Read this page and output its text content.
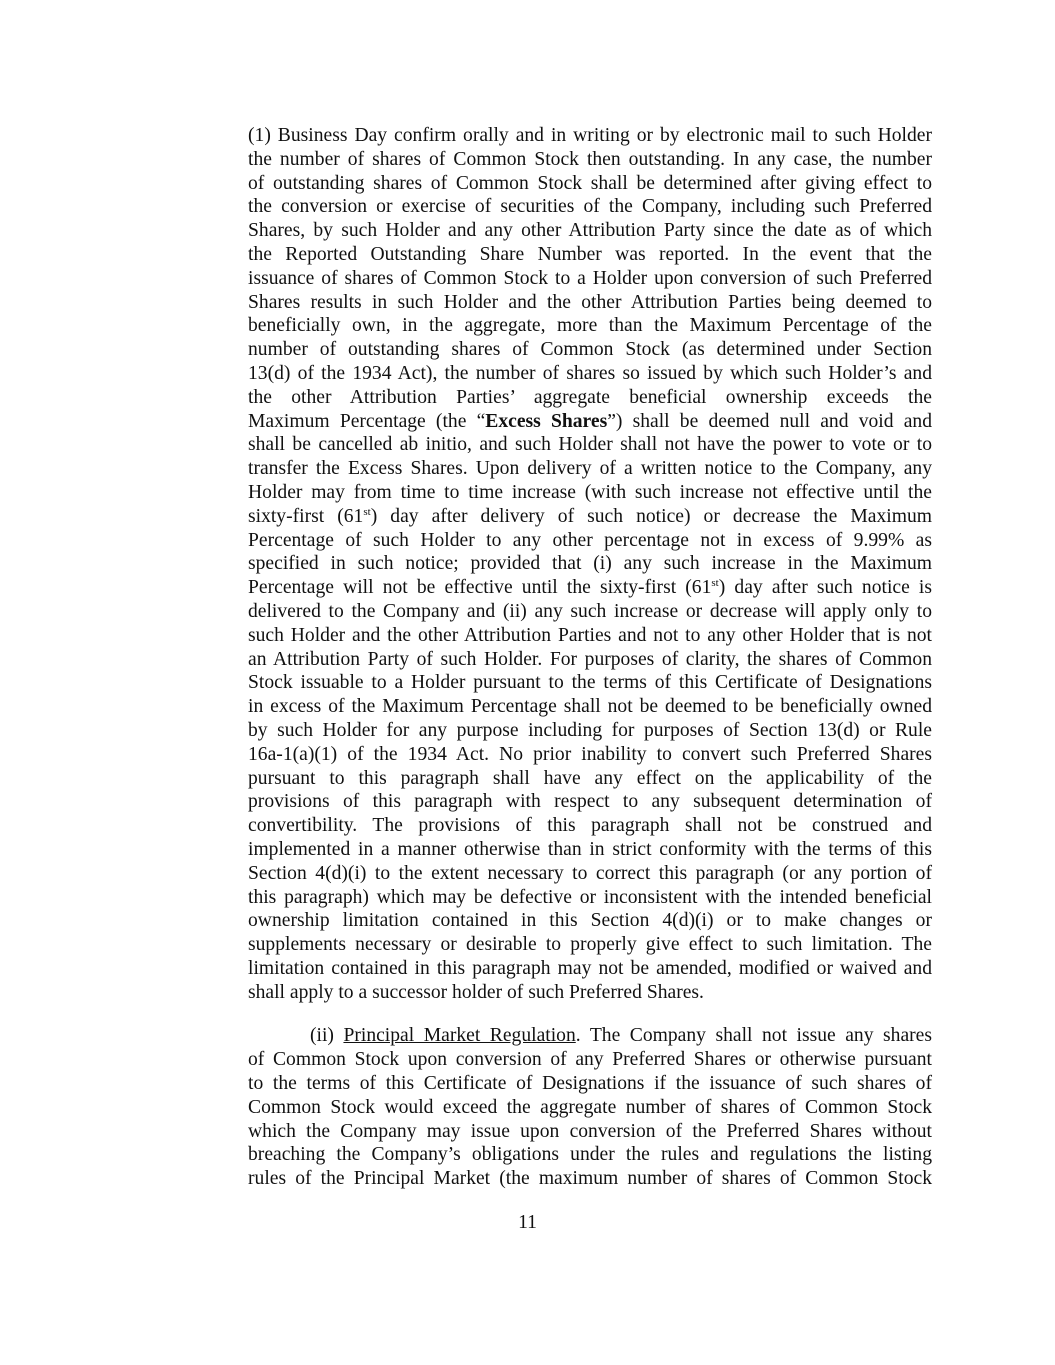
(1) Business Day confirm orally and in writing or by electronic mail to such Holder
the number of shares of Common Stock then outstanding. In any case, the number
of outstanding shares of Common Stock shall be determined after giving effect to
the conversion or exercise of securities of the Company, including such Preferred
Shares, by such Holder and any other Attribution Party since the date as of which
the Reported Outstanding Share Number was reported. In the event that the
issuance of shares of Common Stock to a Holder upon conversion of such Preferred
Shares results in such Holder and the other Attribution Parties being deemed to
beneficially own, in the aggregate, more than the Maximum Percentage of the
number of outstanding shares of Common Stock (as determined under Section
13(d) of the 1934 Act), the number of shares so issued by which such Holder’s and
the other Attribution Parties’ aggregate beneficial ownership exceeds the
Maximum Percentage (the “Excess Shares”) shall be deemed null and void and
shall be cancelled ab initio, and such Holder shall not have the power to vote or to
transfer the Excess Shares. Upon delivery of a written notice to the Company, any
Holder may from time to time increase (with such increase not effective until the
sixty-first (61st) day after delivery of such notice) or decrease the Maximum
Percentage of such Holder to any other percentage not in excess of 9.99% as
specified in such notice; provided that (i) any such increase in the Maximum
Percentage will not be effective until the sixty-first (61st) day after such notice is
delivered to the Company and (ii) any such increase or decrease will apply only to
such Holder and the other Attribution Parties and not to any other Holder that is not
an Attribution Party of such Holder. For purposes of clarity, the shares of Common
Stock issuable to a Holder pursuant to the terms of this Certificate of Designations
in excess of the Maximum Percentage shall not be deemed to be beneficially owned
by such Holder for any purpose including for purposes of Section 13(d) or Rule
16a-1(a)(1) of the 1934 Act. No prior inability to convert such Preferred Shares
pursuant to this paragraph shall have any effect on the applicability of the
provisions of this paragraph with respect to any subsequent determination of
convertibility. The provisions of this paragraph shall not be construed and
implemented in a manner otherwise than in strict conformity with the terms of this
Section 4(d)(i) to the extent necessary to correct this paragraph (or any portion of
this paragraph) which may be defective or inconsistent with the intended beneficial
ownership limitation contained in this Section 4(d)(i) or to make changes or
supplements necessary or desirable to properly give effect to such limitation. The
limitation contained in this paragraph may not be amended, modified or waived and
shall apply to a successor holder of such Preferred Shares.
(ii) Principal Market Regulation. The Company shall not issue any shares
of Common Stock upon conversion of any Preferred Shares or otherwise pursuant
to the terms of this Certificate of Designations if the issuance of such shares of
Common Stock would exceed the aggregate number of shares of Common Stock
which the Company may issue upon conversion of the Preferred Shares without
breaching the Company’s obligations under the rules and regulations the listing
rules of the Principal Market (the maximum number of shares of Common Stock
11
